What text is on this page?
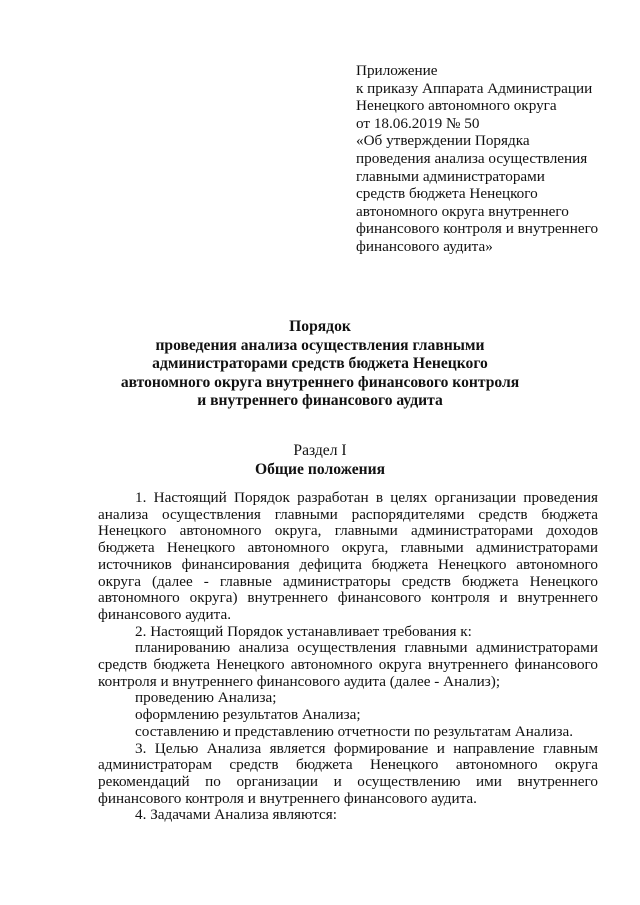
Приложение
к приказу Аппарата Администрации
Ненецкого автономного округа
от 18.06.2019 № 50
«Об утверждении Порядка
проведения анализа осуществления
главными администраторами
средств бюджета Ненецкого
автономного округа внутреннего
финансового контроля и внутреннего
финансового аудита»
Порядок
проведения анализа осуществления главными
администраторами средств бюджета Ненецкого
автономного округа внутреннего финансового контроля
и внутреннего финансового аудита
Раздел I
Общие положения

1. Настоящий Порядок разработан в целях организации проведения анализа осуществления главными распорядителями средств бюджета Ненецкого автономного округа, главными администраторами доходов бюджета Ненецкого автономного округа, главными администраторами источников финансирования дефицита бюджета Ненецкого автономного округа (далее - главные администраторы средств бюджета Ненецкого автономного округа) внутреннего финансового контроля и внутреннего финансового аудита.

2. Настоящий Порядок устанавливает требования к:

планированию анализа осуществления главными администраторами средств бюджета Ненецкого автономного округа внутреннего финансового контроля и внутреннего финансового аудита (далее - Анализ);

проведению Анализа;

оформлению результатов Анализа;

составлению и представлению отчетности по результатам Анализа.

3. Целью Анализа является формирование и направление главным администраторам средств бюджета Ненецкого автономного округа рекомендаций по организации и осуществлению ими внутреннего финансового контроля и внутреннего финансового аудита.

4. Задачами Анализа являются:
